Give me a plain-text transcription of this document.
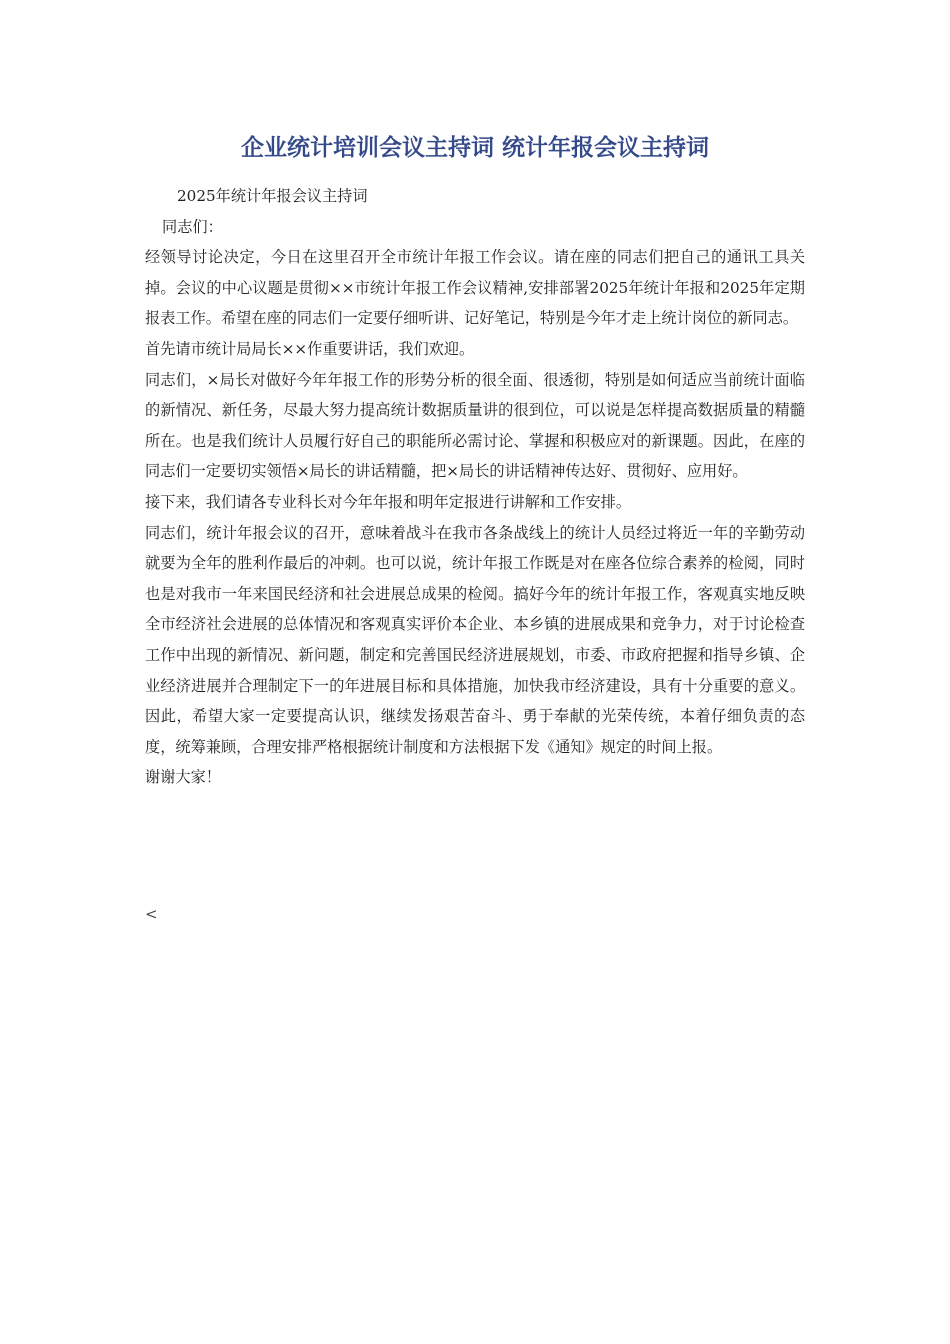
企业统计培训会议主持词 统计年报会议主持词

2025年统计年报会议主持词

同志们：

经领导讨论决定，今日在这里召开全市统计年报工作会议。请在座的同志们把自己的通讯工具关掉。会议的中心议题是贯彻××市统计年报工作会议精神,安排部署2025年统计年报和2025年定期报表工作。希望在座的同志们一定要仔细听讲、记好笔记，特别是今年才走上统计岗位的新同志。

首先请市统计局局长××作重要讲话，我们欢迎。

同志们，×局长对做好今年年报工作的形势分析的很全面、很透彻，特别是如何适应当前统计面临的新情况、新任务，尽最大努力提高统计数据质量讲的很到位，可以说是怎样提高数据质量的精髓所在。也是我们统计人员履行好自己的职能所必需讨论、掌握和积极应对的新课题。因此，在座的同志们一定要切实领悟×局长的讲话精髓，把×局长的讲话精神传达好、贯彻好、应用好。

接下来，我们请各专业科长对今年年报和明年定报进行讲解和工作安排。

同志们，统计年报会议的召开，意味着战斗在我市各条战线上的统计人员经过将近一年的辛勤劳动就要为全年的胜利作最后的冲刺。也可以说，统计年报工作既是对在座各位综合素养的检阅，同时也是对我市一年来国民经济和社会进展总成果的检阅。搞好今年的统计年报工作，客观真实地反映全市经济社会进展的总体情况和客观真实评价本企业、本乡镇的进展成果和竞争力，对于讨论检查工作中出现的新情况、新问题，制定和完善国民经济进展规划，市委、市政府把握和指导乡镇、企业经济进展并合理制定下一的年进展目标和具体措施，加快我市经济建设，具有十分重要的意义。因此，希望大家一定要提高认识，继续发扬艰苦奋斗、勇于奉献的光荣传统，本着仔细负责的态度，统筹兼顾，合理安排严格根据统计制度和方法根据下发《通知》规定的时间上报。

谢谢大家！

<
